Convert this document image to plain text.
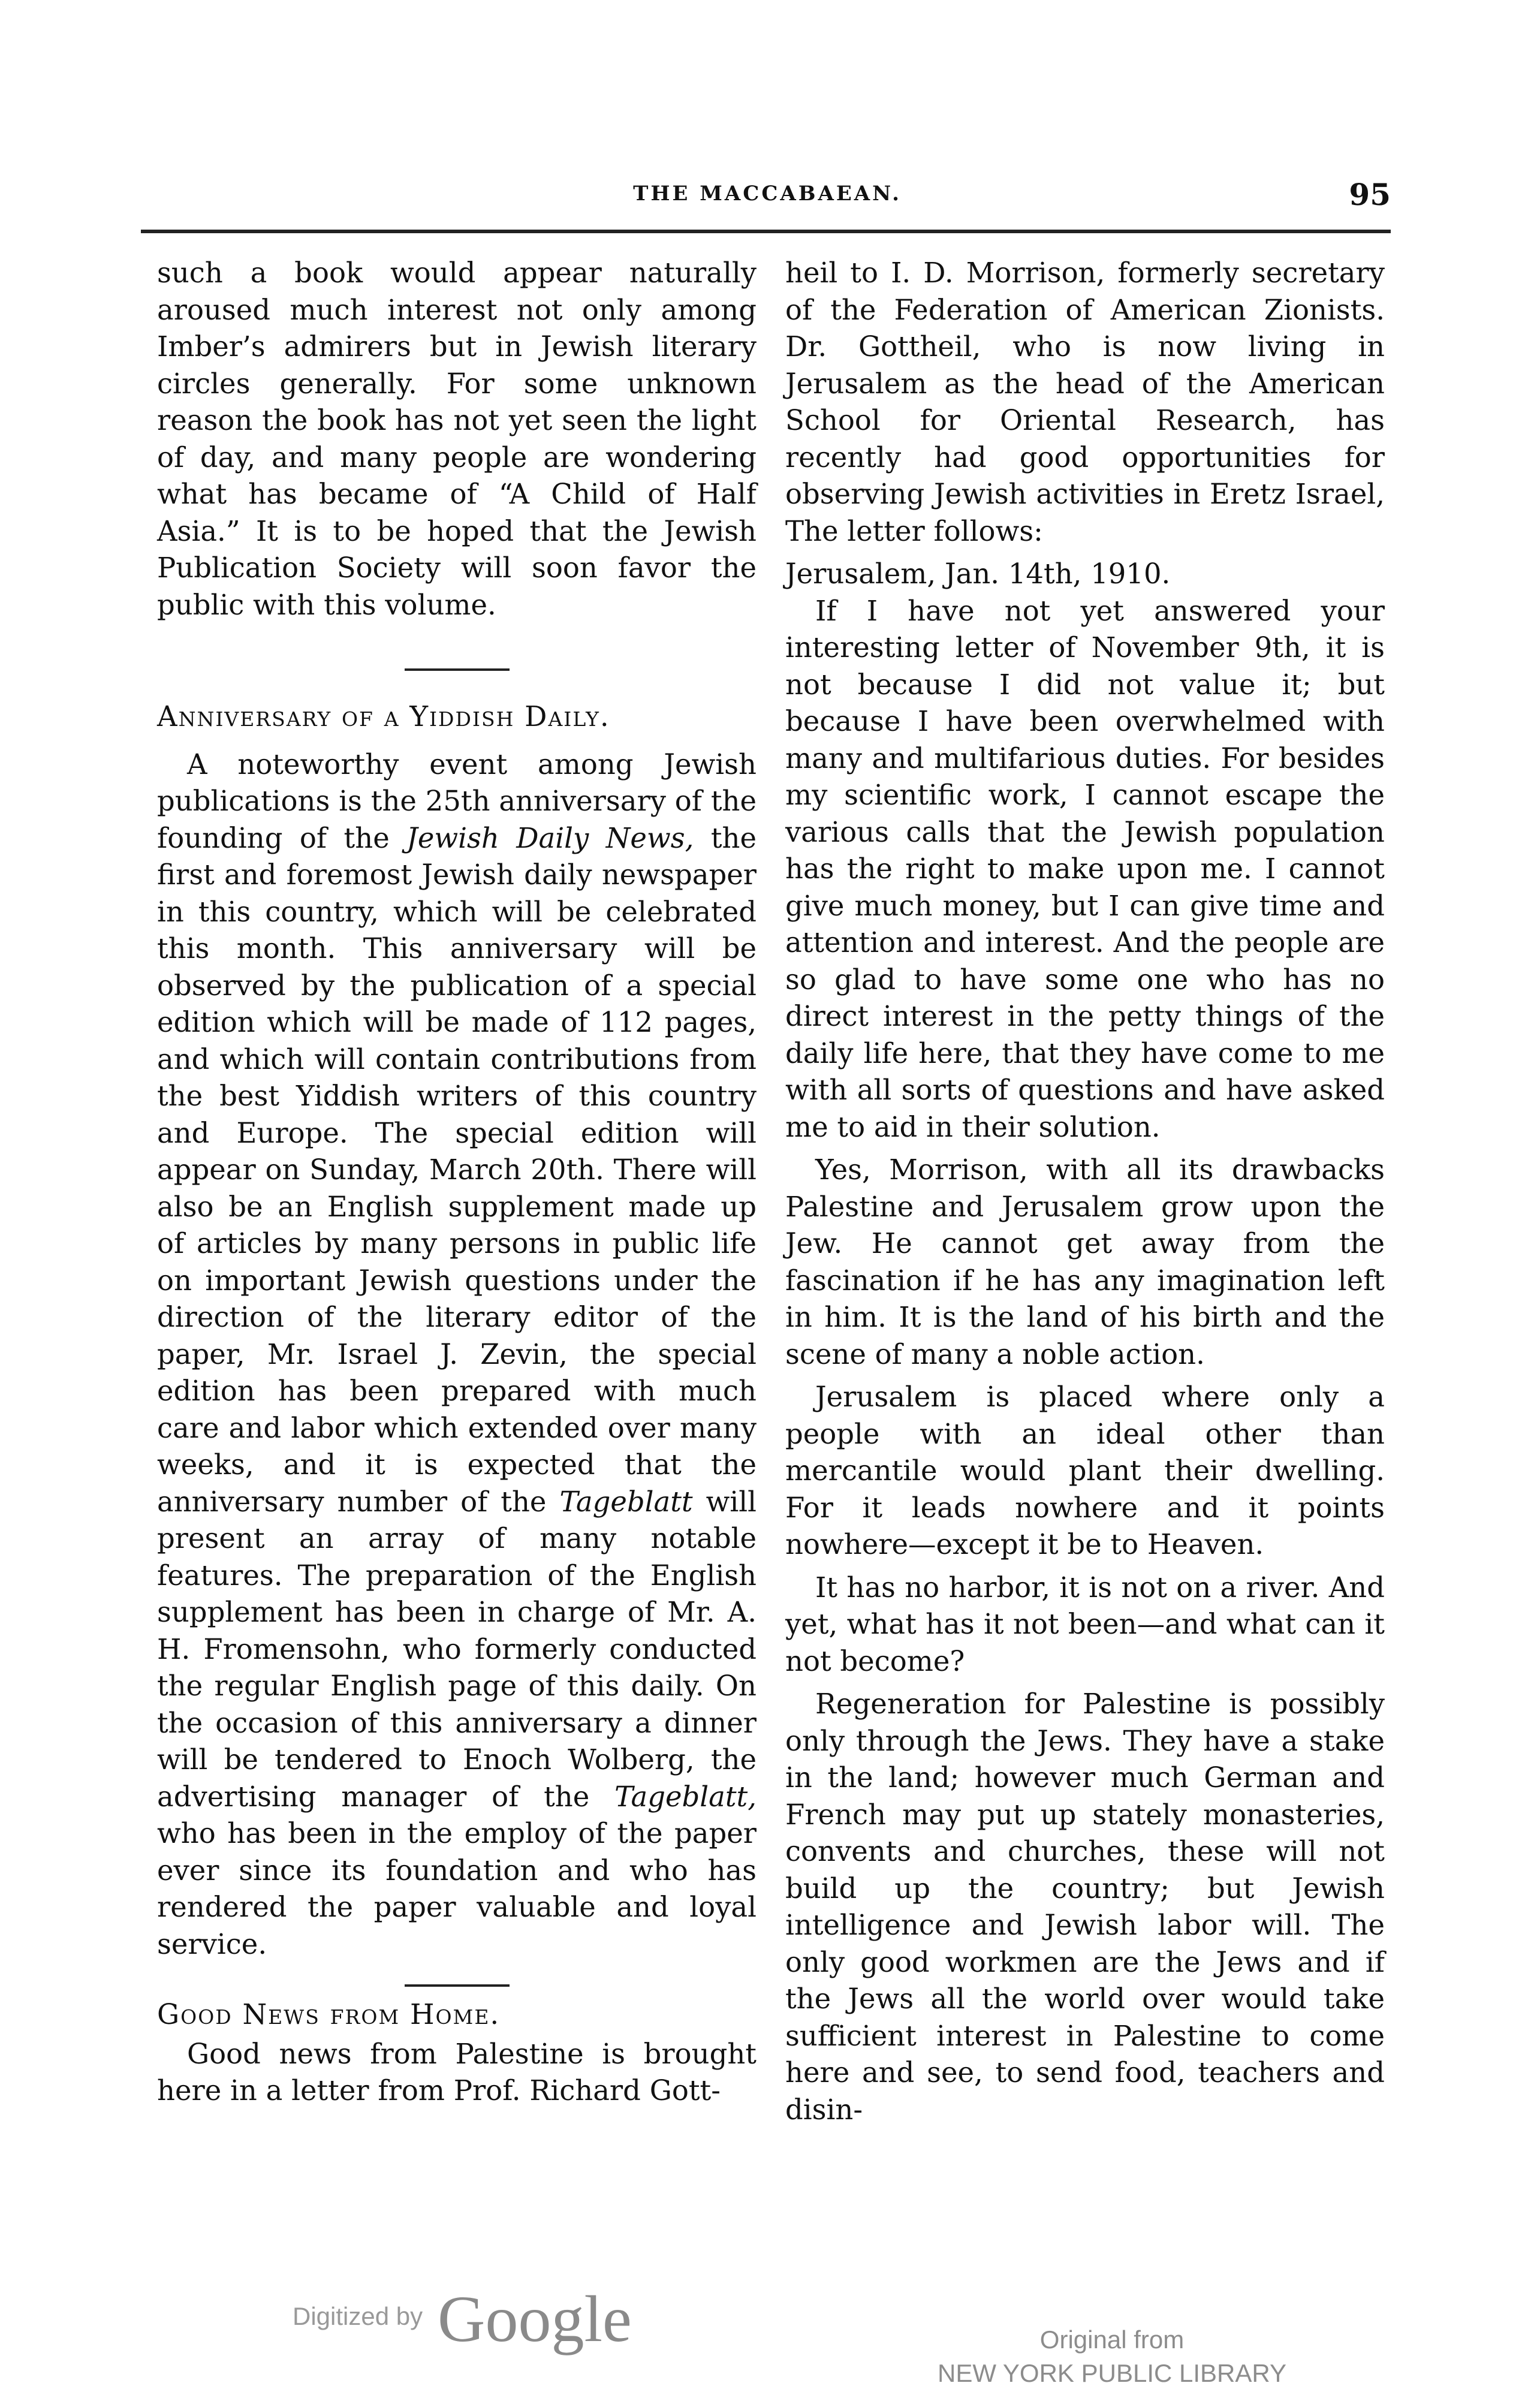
THE MACCABAEAN.	95

such a book would appear naturally aroused much interest not only among Imber’s admirers but in Jewish literary circles generally. For some unknown reason the book has not yet seen the light of day, and many people are wondering what has became of “A Child of Half Asia.” It is to be hoped that the Jewish Publication Society will soon favor the public with this volume.

Anniversary of a Yiddish Daily.

A noteworthy event among Jewish publications is the 25th anniversary of the founding of the Jewish Daily News, the first and foremost Jewish daily newspaper in this country, which will be celebrated this month. This anniversary will be observed by the publication of a special edition which will be made of 112 pages, and which will contain contributions from the best Yiddish writers of this country and Europe. The special edition will appear on Sunday, March 20th. There will also be an English supplement made up of articles by many persons in public life on important Jewish questions under the direction of the literary editor of the paper, Mr. Israel J. Zevin, the special edition has been prepared with much care and labor which extended over many weeks, and it is expected that the anniversary number of the Tageblatt will present an array of many notable features. The preparation of the English supplement has been in charge of Mr. A. H. Fromensohn, who formerly conducted the regular English page of this daily. On the occasion of this anniversary a dinner will be tendered to Enoch Wolberg, the advertising manager of the Tageblatt, who has been in the employ of the paper ever since its foundation and who has rendered the paper valuable and loyal service.

Good News from Home.

Good news from Palestine is brought here in a letter from Prof. Richard Gott-

heil to I. D. Morrison, formerly secretary of the Federation of American Zionists. Dr. Gottheil, who is now living in Jerusalem as the head of the American School for Oriental Research, has recently had good opportunities for observing Jewish activities in Eretz Israel, The letter follows:

Jerusalem, Jan. 14th, 1910.

If I have not yet answered your interesting letter of November 9th, it is not because I did not value it; but because I have been overwhelmed with many and multifarious duties. For besides my scientific work, I cannot escape the various calls that the Jewish population has the right to make upon me. I cannot give much money, but I can give time and attention and interest. And the people are so glad to have some one who has no direct interest in the petty things of the daily life here, that they have come to me with all sorts of questions and have asked me to aid in their solution.

Yes, Morrison, with all its drawbacks Palestine and Jerusalem grow upon the Jew. He cannot get away from the fascination if he has any imagination left in him. It is the land of his birth and the scene of many a noble action.

Jerusalem is placed where only a people with an ideal other than mercantile would plant their dwelling. For it leads nowhere and it points nowhere—except it be to Heaven.

It has no harbor, it is not on a river. And yet, what has it not been—and what can it not become?

Regeneration for Palestine is possibly only through the Jews. They have a stake in the land; however much German and French may put up stately monasteries, convents and churches, these will not build up the country; but Jewish intelligence and Jewish labor will. The only good workmen are the Jews and if the Jews all the world over would take sufficient interest in Palestine to come here and see, to send food, teachers and disin-

Digitized by Google	Original from
NEW YORK PUBLIC LIBRARY
